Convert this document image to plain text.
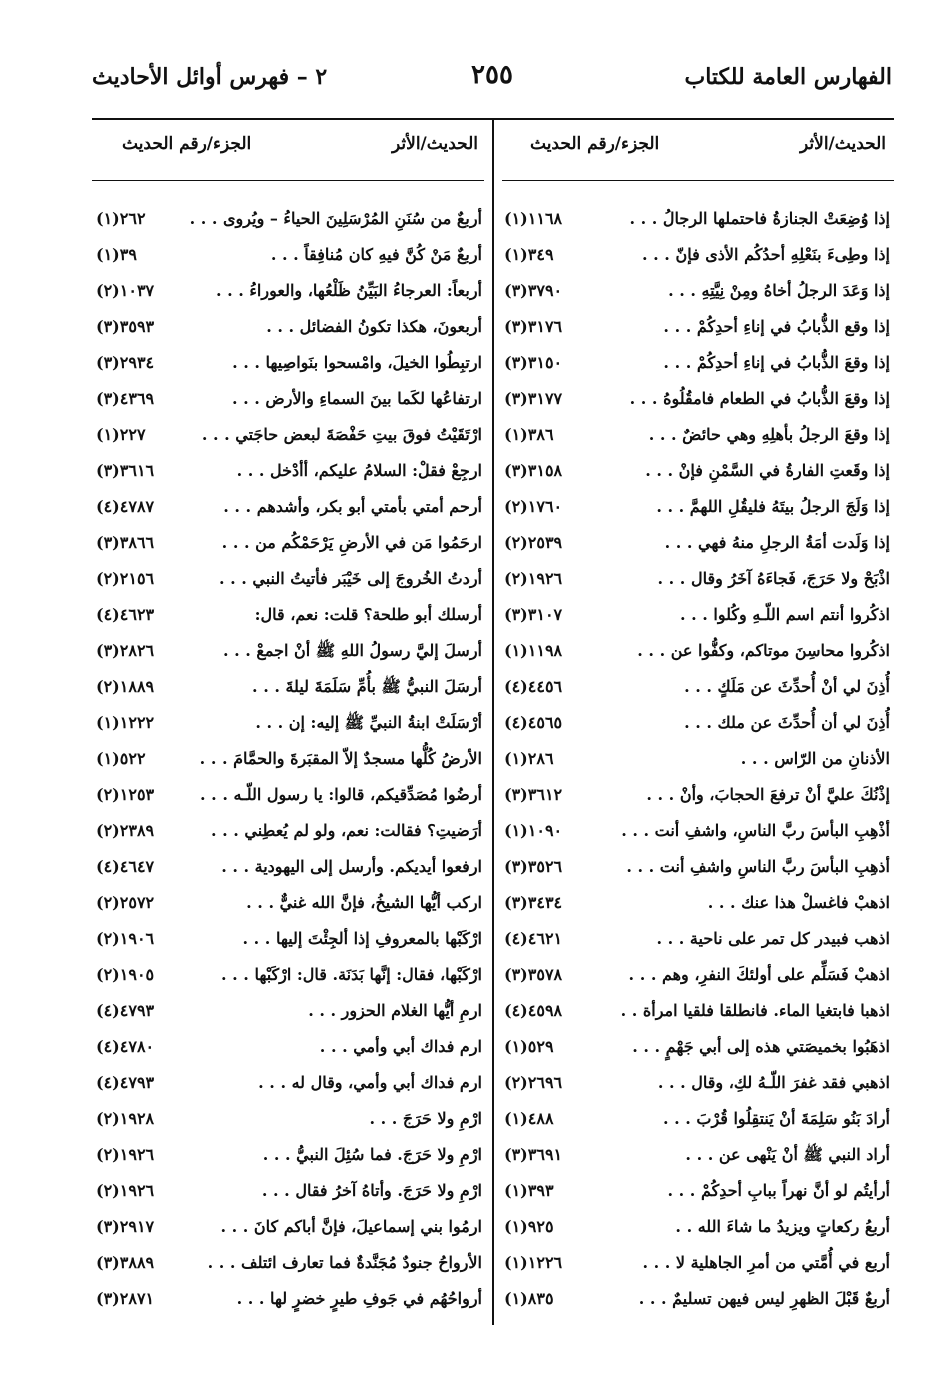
الفهارس العامة للكتاب
٢٥٥
٢ – فهرس أوائل الأحاديث
الحديث/الأثر
الجزء/رقم الحديث
إذا وُضِعَتْ الجنازةُ فاحتملها الرجالُ . . .
(١)١١٦٨
إذا وطِىءَ بنَعْلِهِ أحدُكُم الأذى فإنّ . . .
(١)٣٤٩
إذا وَعَدَ الرجلُ أخاهُ ومِنْ نِيَّتِهِ . . .
(٣)٣٧٩٠
إذا وقع الذُّبابُ في إناءِ أحدِكُمْ . . .
(٣)٣١٧٦
إذا وقعَ الذُّبابُ في إناءِ أحدِكُمْ . . .
(٣)٣١٥٠
إذا وقعَ الذُّبابُ في الطعام فامقُلُوهُ . . .
(٣)٣١٧٧
إذا وقعَ الرجلُ بأهلِهِ وهي حائضٌ . . .
(١)٣٨٦
إذا وقَعتِ الفارةُ في السَّمْنِ فإنْ . . .
(٣)٣١٥٨
إذا وَلَجَ الرجلُ بيتَهُ فليقُلِ اللهمَّ . . .
(٢)١٧٦٠
إذا وَلَدت أمَةُ الرجلِ منهُ فهي . . .
(٢)٢٥٣٩
اذْبَحْ ولا حَرَجَ، فَجاءَهُ آخَرُ وقال . . .
(٢)١٩٢٦
اذكُروا أنتم اسم اللّـهِ وكُلوا . . .
(٣)٣١٠٧
اذكُروا محاسِنَ موتاكم، وكفُّوا عن . . .
(١)١١٩٨
أُذِنَ لي أنْ أُحدِّثَ عن مَلَكٍ . . .
(٤)٤٤٥٦
أُذِنَ لي أن أُحدِّثَ عن ملك . . .
(٤)٤٥٦٥
الأذنانِ من الرّاس . . .
(١)٢٨٦
إذْنُكَ عليَّ أنْ ترفعَ الحجابَ، وأنْ . . .
(٣)٣٦١٢
أذْهِبِ البأسَ ربَّ الناسِ، واشفِ أنت . . .
(١)١٠٩٠
أذهِبِ البأسَ ربَّ الناسِ واشفِ أنت . . .
(٣)٣٥٢٦
اذهبْ فاغسلْ هذا عنك . . .
(٣)٣٤٣٤
اذهب فبيدر كل تمر على ناحية . . .
(٤)٤٦٢١
اذهبْ فَسَلِّم على أولئكَ النفرِ، وهم . . .
(٣)٣٥٧٨
اذهبا فابتغيا الماء. فانطلقا فلقيا امرأة . .
(٤)٤٥٩٨
اذهَبُوا بخميصَتي هذه إلى أبي جَهْمٍ . . .
(١)٥٢٩
اذهبي فقد غفرَ اللّـهُ لكِ، وقال . . .
(٢)٢٦٩٦
أرادَ بَنُو سَلِمَةَ أنْ يَنتقِلُوا قُرْبَ . . .
(١)٤٨٨
أراد النبي ﷺ أنْ يَنْهى عن . . .
(٣)٣٦٩١
أرأيتُم لو أنَّ نهراً ببابِ أحدِكُمْ . . .
(١)٣٩٣
أربعُ ركعاتٍ ويزيدُ ما شاءَ الله . .
(١)٩٢٥
أربع في أُمَّتي من أمرِ الجاهلية لا . . .
(١)١٢٢٦
أربعٌ قَبْلَ الظهرِ ليس فيهن تسليمٌ . . .
(١)٨٣٥
الحديث/الأثر
الجزء/رقم الحديث
أربعٌ من سُنَنِ المُرْسَلِينَ الحياءُ – ويُروى . . .
(١)٢٦٢
أربعٌ مَنْ كُنَّ فيهِ كان مُنافِقاً . . .
(١)٣٩
أربعاً: العرجاءُ البَيِّنُ ظَلْعُها، والعوراءُ . . .
(٢)١٠٣٧
أربعونَ، هكذا تكونُ الفضائل . . .
(٣)٣٥٩٣
ارتبِطُوا الخيلَ، وامْسحوا بنَواصِيها . . .
(٣)٢٩٣٤
ارتفاعُها لكَما بينَ السماءِ والأرض . . .
(٣)٤٣٦٩
ارْتَقَيْتُ فوقَ بيتِ حَفْصَةَ لبعض حاجَتي . . .
(١)٢٢٧
ارجِعْ فقلْ: السلامُ عليكم، أأدْخل . . .
(٣)٣٦١٦
أرحم أمتي بأمتي أبو بكر، وأشدهم . . .
(٤)٤٧٨٧
ارحَمُوا مَن في الأرضِ يَرْحَمْكُم من . . .
(٣)٣٨٦٦
أردتُ الخُروجَ إلى خَيْبَر فأتيتُ النبي . . .
(٢)٢١٥٦
أرسلك أبو طلحة؟ قلت: نعم، قال:
(٤)٤٦٢٣
أرسلَ إليَّ رسولُ اللهِ ﷺ أنْ اجمعْ . . .
(٣)٢٨٢٦
أرسَلَ النبيُّ ﷺ بأُمِّ سَلَمَةَ ليلةَ . . .
(٢)١٨٨٩
أرْسَلَتْ ابنةُ النبيِّ ﷺ إليه: إن . . .
(١)١٢٢٢
الأرضُ كُلُّها مسجدٌ إلاّ المقبَرةَ والحمَّامَ . . .
(١)٥٢٢
أرضُوا مُصَدِّقيكم، قالوا: يا رسول اللّـه . . .
(٢)١٢٥٣
أرَضيتِ؟ فقالت: نعم، ولو لم يُعطِني . . .
(٢)٢٣٨٩
ارفعوا أيديكم. وأرسل إلى اليهودية . . .
(٤)٤٦٤٧
اركب أيُّها الشيخُ، فإنَّ الله غنيٌّ . . .
(٢)٢٥٧٢
ارْكَبْها بالمعروفِ إذا ألجِئْتَ إليها . . .
(٢)١٩٠٦
ارْكَبْها، فقال: إنَّها بَدَنَة. قال: ارْكَبْها . . .
(٢)١٩٠٥
ارمِ أيُّها الغلام الحزور . . .
(٤)٤٧٩٣
ارم فداك أبي وأمي . . .
(٤)٤٧٨٠
ارم فداك أبي وأمي، وقال له . . .
(٤)٤٧٩٣
ارْمِ ولا حَرَجَ . . .
(٢)١٩٢٨
ارْمِ ولا حَرَجَ. فما سُئِلَ النبيُّ . . .
(٢)١٩٢٦
ارْمِ ولا حَرَجَ. وأتاهُ آخرُ فقال . . .
(٢)١٩٢٦
ارمُوا بني إسماعيلَ، فإنَّ أباكم كانَ . . .
(٣)٢٩١٧
الأرواحُ جنودٌ مُجَنَّدةٌ فما تعارف ائتلف . . .
(٣)٣٨٨٩
أرواحُهُم في جَوفِ طيرٍ خضرٍ لها . . .
(٣)٢٨٧١
